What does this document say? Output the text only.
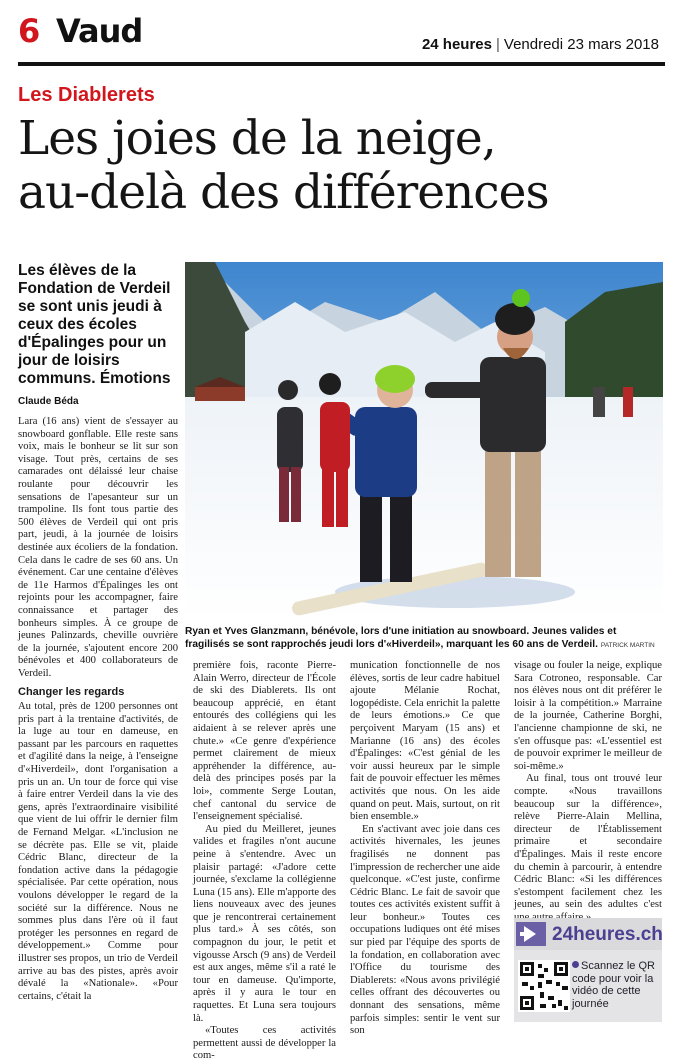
6 Vaud	24 heures | Vendredi 23 mars 2018
Les Diablerets
Les joies de la neige,
au-delà des différences
Les élèves de la Fondation de Verdeil se sont unis jeudi à ceux des écoles d'Épalinges pour un jour de loisirs communs. Émotions
Claude Béda

Lara (16 ans) vient de s'essayer au snowboard gonflable. Elle reste sans voix, mais le bonheur se lit sur son visage. Tout près, certains de ses camarades ont délaissé leur chaise roulante pour découvrir les sensations de l'apesanteur sur un trampoline. Ils font tous partie des 500 élèves de Verdeil qui ont pris part, jeudi, à la journée de loisirs destinée aux écoliers de la fondation. Cela dans le cadre de ses 60 ans. Un événement. Car une centaine d'élèves de 11e Harmos d'Épalinges les ont rejoints pour les accompagner, faire connaissance et partager des bonheurs simples. À ce groupe de jeunes Palinzards, cheville ouvrière de la journée, s'ajoutent encore 200 bénévoles et 400 collaborateurs de Verdeil.

Changer les regards

Au total, près de 1200 personnes ont pris part à la trentaine d'activités, de la luge au tour en dameuse, en passant par les parcours en raquettes et d'agilité dans la neige, à l'enseigne d'«Hiverdeil», dont l'organisation a pris un an. Un tour de force qui vise à faire entrer Verdeil dans la vie des gens, après l'extraordinaire visibilité que vient de lui offrir le dernier film de Fernand Melgar. «L'inclusion ne se décrète pas. Elle se vit, plaide Cédric Blanc, directeur de la fondation active dans la pédagogie spécialisée. Par cette opération, nous voulons développer le regard de la société sur la différence. Nous ne sommes plus dans l'ère où il faut protéger les personnes en regard de développement.» Comme pour illustrer ses propos, un trio de Verdeil arrive au bas des pistes, après avoir dévalé la «Nationale». «Pour certains, c'était la

Ryan et Yves Glanzmann, bénévole, lors d'une initiation au snowboard. Jeunes valides et fragilisés se sont rapprochés jeudi lors d'«Hiverdeil», marquant les 60 ans de Verdeil. PATRICK MARTIN

première fois, raconte Pierre-Alain Werro, directeur de l'École de ski des Diablerets. Ils ont beaucoup apprécié, en étant entourés des collégiens qui les aidaient à se relever après une chute.» «Ce genre d'expérience permet clairement de mieux appréhender la différence, au-delà des principes posés par la loi», commente Serge Loutan, chef cantonal du service de l'enseignement spécialisé.

Au pied du Meilleret, jeunes valides et fragiles n'ont aucune peine à s'entendre. Avec un plaisir partagé: «J'adore cette journée, s'exclame la collégienne Luna (15 ans). Elle m'apporte des liens nouveaux avec des jeunes que je rencontrerai certainement plus tard.» À ses côtés, son compagnon du jour, le petit et vigousse Arsch (9 ans) de Verdeil est aux anges, même s'il a raté le tour en dameuse. Qu'importe, après il y aura le tour en raquettes. Et Luna sera toujours là.

«Toutes ces activités permettent aussi de développer la com-

munication fonctionnelle de nos élèves, sortis de leur cadre habituel ajoute Mélanie Rochat, logopédiste. Cela enrichit la palette de leurs émotions.» Ce que perçoivent Maryam (15 ans) et Marianne (16 ans) des écoles d'Épalinges: «C'est génial de les voir aussi heureux par le simple fait de pouvoir effectuer les mêmes activités que nous. On les aide quand on peut. Mais, surtout, on rit bien ensemble.»

En s'activant avec joie dans ces activités hivernales, les jeunes fragilisés ne donnent pas l'impression de rechercher une aide quelconque. «C'est juste, confirme Cédric Blanc. Le fait de savoir que toutes ces activités existent suffit à leur bonheur.» Toutes ces occupations ludiques ont été mises sur pied par l'équipe des sports de la fondation, en collaboration avec l'Office du tourisme des Diablerets: «Nous avons privilégié celles offrant des découvertes ou donnant des sensations, même parfois simples: sentir le vent sur son

visage ou fouler la neige, explique Sara Cotroneo, responsable. Car nos élèves nous ont dit préférer le loisir à la compétition.» Marraine de la journée, Catherine Borghi, l'ancienne championne de ski, ne s'en offusque pas: «L'essentiel est de pouvoir exprimer le meilleur de soi-même.»

Au final, tous ont trouvé leur compte. «Nous travaillons beaucoup sur la différence», relève Pierre-Alain Mellina, directeur de l'Établissement primaire et secondaire d'Épalinges. Mais il reste encore du chemin à parcourir, à entendre Cédric Blanc: «Si les différences s'estompent facilement chez les jeunes, au sein des adultes c'est

24heures.ch
Scannez le QR code pour voir la vidéo de cette journée
